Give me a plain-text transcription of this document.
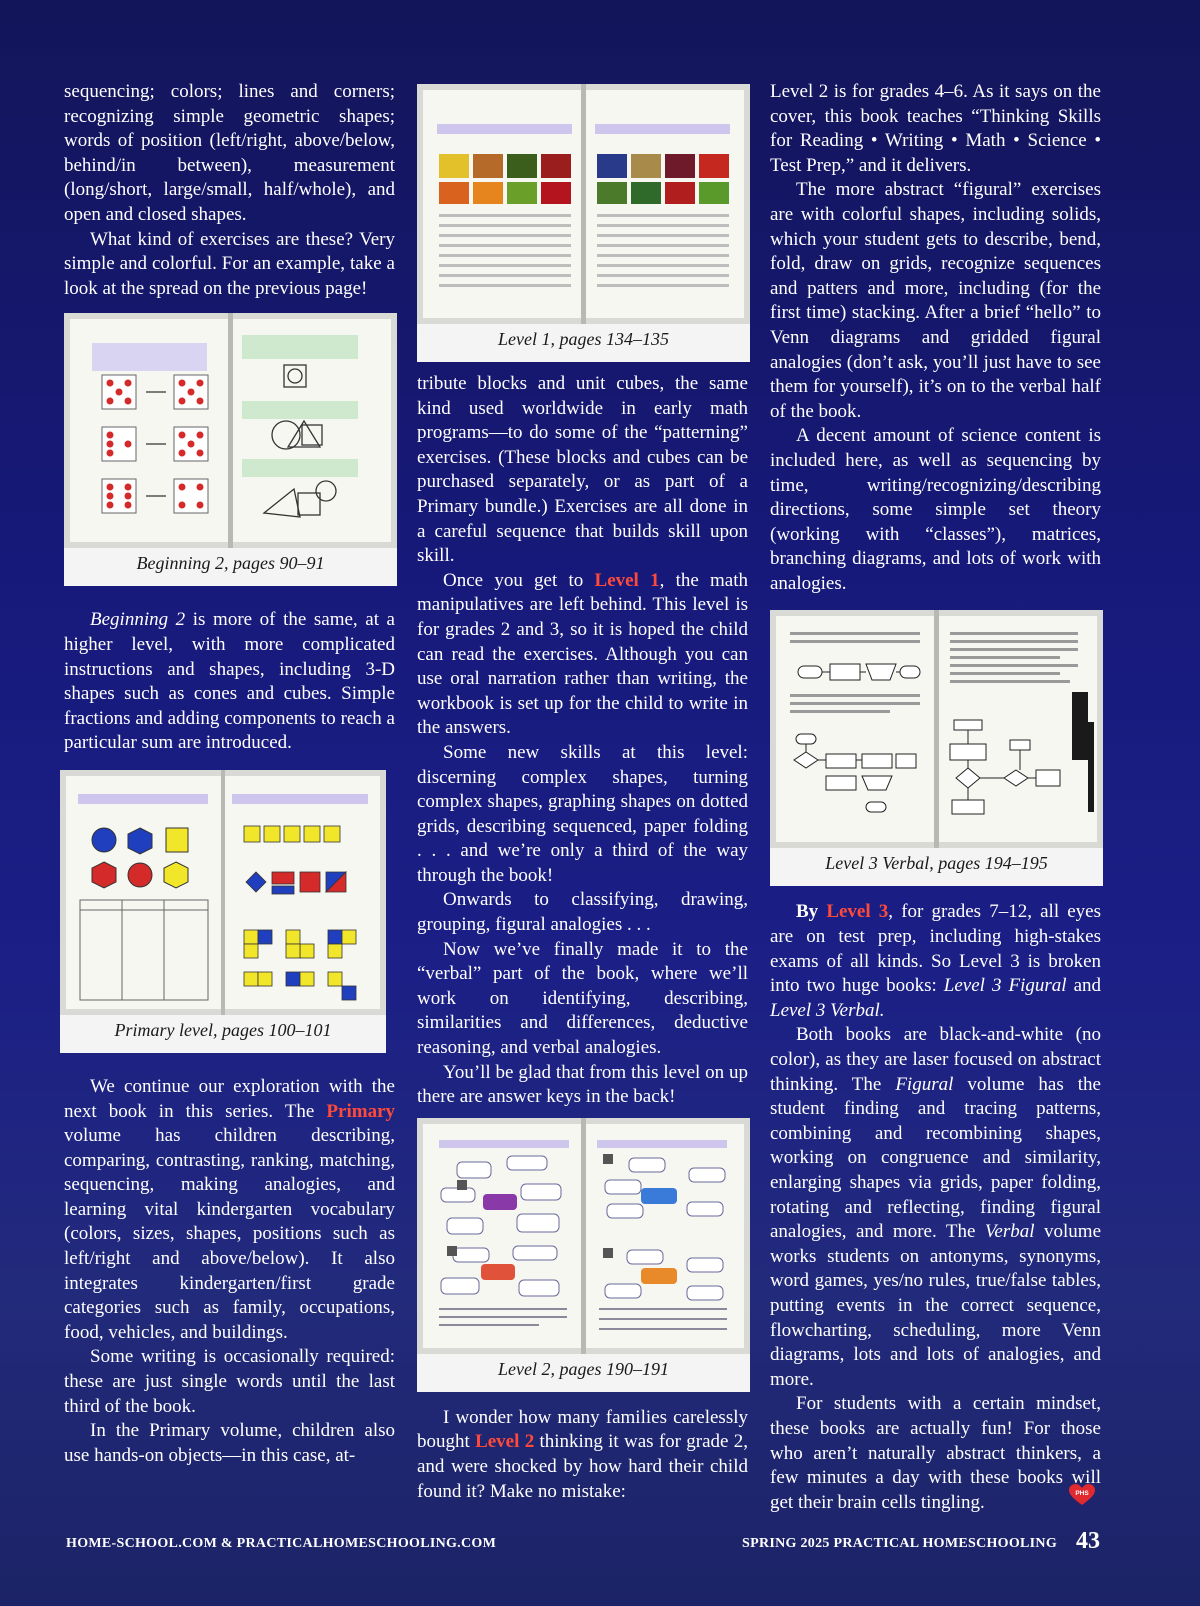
sequencing; colors; lines and corners; recognizing simple geometric shapes; words of position (left/right, above/below, behind/in between), measurement (long/short, large/small, half/whole), and open and closed shapes.

What kind of exercises are these? Very simple and colorful. For an example, take a look at the spread on the previous page!

Beginning 2, pages 90–91

Beginning 2 is more of the same, at a higher level, with more complicated instructions and shapes, including 3-D shapes such as cones and cubes. Simple fractions and adding components to reach a particular sum are introduced.

Primary level, pages 100–101

We continue our exploration with the next book in this series. The Primary volume has children describing, comparing, contrasting, ranking, matching, sequencing, making analogies, and learning vital kindergarten vocabulary (colors, sizes, shapes, positions such as left/right and above/below). It also integrates kindergarten/first grade categories such as family, occupations, food, vehicles, and buildings.

Some writing is occasionally required: these are just single words until the last third of the book.

In the Primary volume, children also use hands-on objects—in this case, at-

Level 1, pages 134–135

tribute blocks and unit cubes, the same kind used worldwide in early math programs—to do some of the “patterning” exercises. (These blocks and cubes can be purchased separately, or as part of a Primary bundle.) Exercises are all done in a careful sequence that builds skill upon skill.

Once you get to Level 1, the math manipulatives are left behind. This level is for grades 2 and 3, so it is hoped the child can read the exercises. Although you can use oral narration rather than writing, the workbook is set up for the child to write in the answers.

Some new skills at this level: discerning complex shapes, turning complex shapes, graphing shapes on dotted grids, describing sequenced, paper folding . . . and we’re only a third of the way through the book!

Onwards to classifying, drawing, grouping, figural analogies . . .

Now we’ve finally made it to the “verbal” part of the book, where we’ll work on identifying, describing, similarities and differences, deductive reasoning, and verbal analogies.

You’ll be glad that from this level on up there are answer keys in the back!

Level 2, pages 190–191

I wonder how many families carelessly bought Level 2 thinking it was for grade 2, and were shocked by how hard their child found it? Make no mistake:

Level 2 is for grades 4–6. As it says on the cover, this book teaches “Thinking Skills for Reading • Writing • Math • Science • Test Prep,” and it delivers.

The more abstract “figural” exercises are with colorful shapes, including solids, which your student gets to describe, bend, fold, draw on grids, recognize sequences and patters and more, including (for the first time) stacking. After a brief “hello” to Venn diagrams and gridded figural analogies (don’t ask, you’ll just have to see them for yourself), it’s on to the verbal half of the book.

A decent amount of science content is included here, as well as sequencing by time, writing/recognizing/describing directions, some simple set theory (working with “classes”), matrices, branching diagrams, and lots of work with analogies.

Level 3 Verbal, pages 194–195

By Level 3, for grades 7–12, all eyes are on test prep, including high-stakes exams of all kinds. So Level 3 is broken into two huge books: Level 3 Figural and Level 3 Verbal.

Both books are black-and-white (no color), as they are laser focused on abstract thinking. The Figural volume has the student finding and tracing patterns, combining and recombining shapes, working on congruence and similarity, enlarging shapes via grids, paper folding, rotating and reflecting, finding figural analogies, and more. The Verbal volume works students on antonyms, synonyms, word games, yes/no rules, true/false tables, putting events in the correct sequence, flowcharting, scheduling, more Venn diagrams, lots and lots of analogies, and more.

For students with a certain mindset, these books are actually fun! For those who aren’t naturally abstract thinkers, a few minutes a day with these books will get their brain cells tingling.	PHS
HOME-SCHOOL.COM & PRACTICALHOMESCHOOLING.COM	SPRING 2025 PRACTICAL HOMESCHOOLING 43
